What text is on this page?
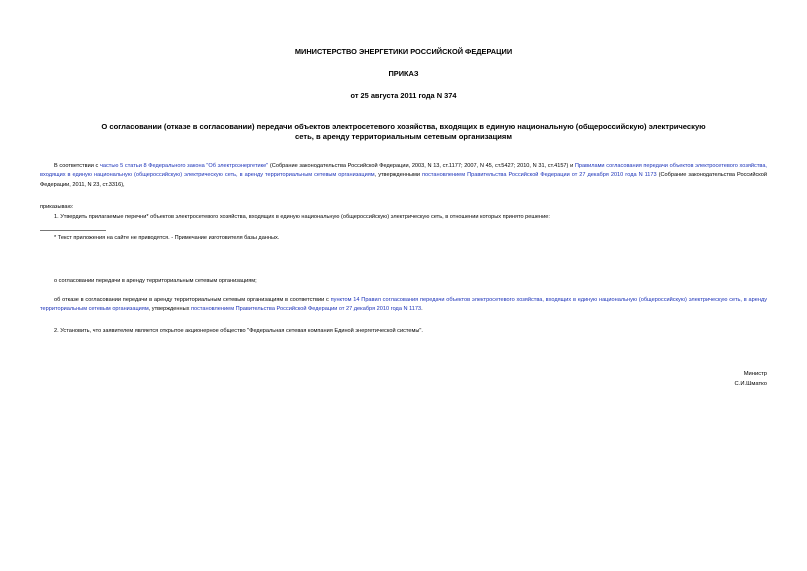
МИНИСТЕРСТВО ЭНЕРГЕТИКИ РОССИЙСКОЙ ФЕДЕРАЦИИ
ПРИКАЗ
от 25 августа 2011 года N 374
О согласовании (отказе в согласовании) передачи объектов электросетевого хозяйства, входящих в единую национальную (общероссийскую) электрическую
сеть, в аренду территориальным сетевым организациям
В соответствии с частью 5 статьи 8 Федерального закона "Об электроэнергетике" (Собрание законодательства Российской Федерации, 2003, N 13, ст.1177; 2007, N 45, ст.5427; 2010, N 31, ст.4157) и Правилами согласования передачи объектов электросетевого хозяйства, входящих в единую национальную (общероссийскую) электрическую сеть, в аренду территориальным сетевым организациям, утвержденными постановлением Правительства Российской Федерации от 27 декабря 2010 года N 1173 (Собрание законодательства Российской Федерации, 2011, N 23, ст.3316),
приказываю:
1. Утвердить прилагаемые перечни* объектов электросетевого хозяйства, входящих в единую национальную (общероссийскую) электрическую сеть, в отношении которых принято решение:
* Текст приложения на сайте не приводятся. - Примечание изготовителя базы данных.
о согласовании передачи в аренду территориальным сетевым организациям;
об отказе в согласовании передачи в аренду территориальным сетевым организациям в соответствии с пунктом 14 Правил согласования передачи объектов электросетевого хозяйства, входящих в единую национальную (общероссийскую) электрическую сеть, в аренду территориальным сетевым организациям, утвержденных постановлением Правительства Российской Федерации от 27 декабря 2010 года N 1173.
2. Установить, что заявителем является открытое акционерное общество "Федеральная сетевая компания Единой энергетической системы".
Министр
С.И.Шматко
